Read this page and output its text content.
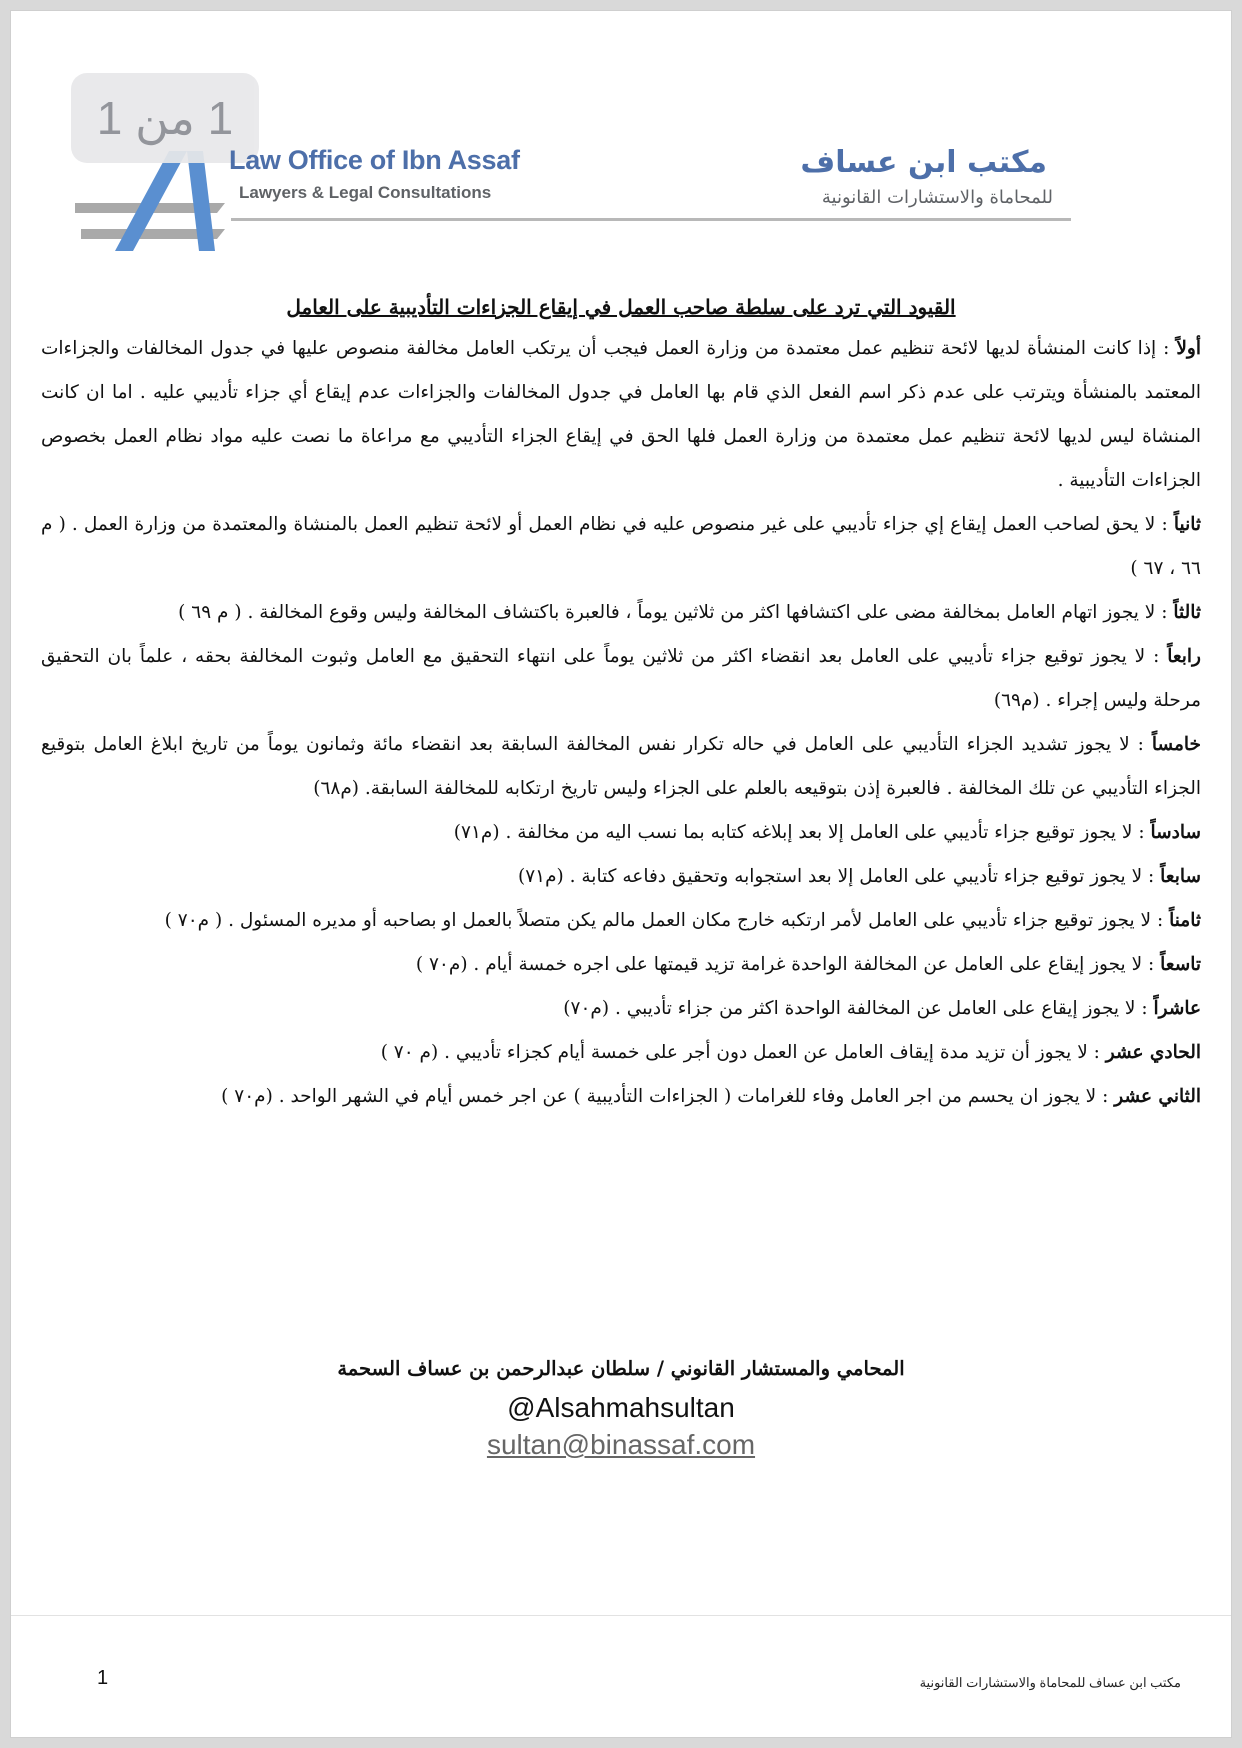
1 من 1
Law Office of Ibn Assaf
Lawyers & Legal Consultations
مكتب ابن عساف
للمحاماة والاستشارات القانونية
القيود التي ترد على سلطة صاحب العمل في إيقاع الجزاءات التأديبية على العامل

أولاً : إذا كانت المنشأة لديها لائحة تنظيم عمل معتمدة من وزارة العمل فيجب أن يرتكب العامل مخالفة منصوص عليها في جدول المخالفات والجزاءات المعتمد بالمنشأة ويترتب على عدم ذكر اسم الفعل الذي قام بها العامل في جدول المخالفات والجزاءات عدم إيقاع أي جزاء تأديبي عليه . اما ان كانت المنشاة ليس لديها لائحة تنظيم عمل معتمدة من وزارة العمل فلها الحق في إيقاع الجزاء التأديبي مع مراعاة ما نصت عليه مواد نظام العمل بخصوص الجزاءات التأديبية .

ثانياً : لا يحق لصاحب العمل إيقاع إي جزاء تأديبي على غير منصوص عليه في نظام العمل أو لائحة تنظيم العمل بالمنشاة والمعتمدة من وزارة العمل . ( م ٦٦ ، ٦٧ )

ثالثاً : لا يجوز اتهام العامل بمخالفة مضى على اكتشافها اكثر من ثلاثين يوماً ، فالعبرة باكتشاف المخالفة وليس وقوع المخالفة . ( م ٦٩ )

رابعاً : لا يجوز توقيع جزاء تأديبي على العامل بعد انقضاء اكثر من ثلاثين يوماً على انتهاء التحقيق مع العامل وثبوت المخالفة بحقه ، علماً بان التحقيق مرحلة وليس إجراء . (م٦٩)

خامساً : لا يجوز تشديد الجزاء التأديبي على العامل في حاله تكرار نفس المخالفة السابقة بعد انقضاء مائة وثمانون يوماً من تاريخ ابلاغ العامل بتوقيع الجزاء التأديبي عن تلك المخالفة . فالعبرة إذن بتوقيعه بالعلم على الجزاء وليس تاريخ ارتكابه للمخالفة السابقة. (م٦٨)

سادساً : لا يجوز توقيع جزاء تأديبي على العامل إلا بعد إبلاغه كتابه بما نسب اليه من مخالفة . (م٧١)

سابعاً : لا يجوز توقيع جزاء تأديبي على العامل إلا بعد استجوابه وتحقيق دفاعه كتابة . (م٧١)

ثامناً : لا يجوز توقيع جزاء تأديبي على العامل لأمر ارتكبه خارج مكان العمل مالم يكن متصلاً بالعمل او بصاحبه أو مديره المسئول . ( م٧٠ )

تاسعاً : لا يجوز إيقاع على العامل عن المخالفة الواحدة غرامة تزيد قيمتها على اجره خمسة أيام . (م٧٠ )

عاشراً : لا يجوز إيقاع على العامل عن المخالفة الواحدة اكثر من جزاء تأديبي . (م٧٠)

الحادي عشر : لا يجوز أن تزيد مدة إيقاف العامل عن العمل دون أجر على خمسة أيام كجزاء تأديبي . (م ٧٠ )

الثاني عشر : لا يجوز ان يحسم من اجر العامل وفاء للغرامات ( الجزاءات التأديبية ) عن اجر خمس أيام في الشهر الواحد . (م٧٠ )

المحامي والمستشار القانوني / سلطان عبدالرحمن بن عساف السحمة
@Alsahmahsultan
sultan@binassaf.com
1	مكتب ابن عساف للمحاماة والاستشارات القانونية
